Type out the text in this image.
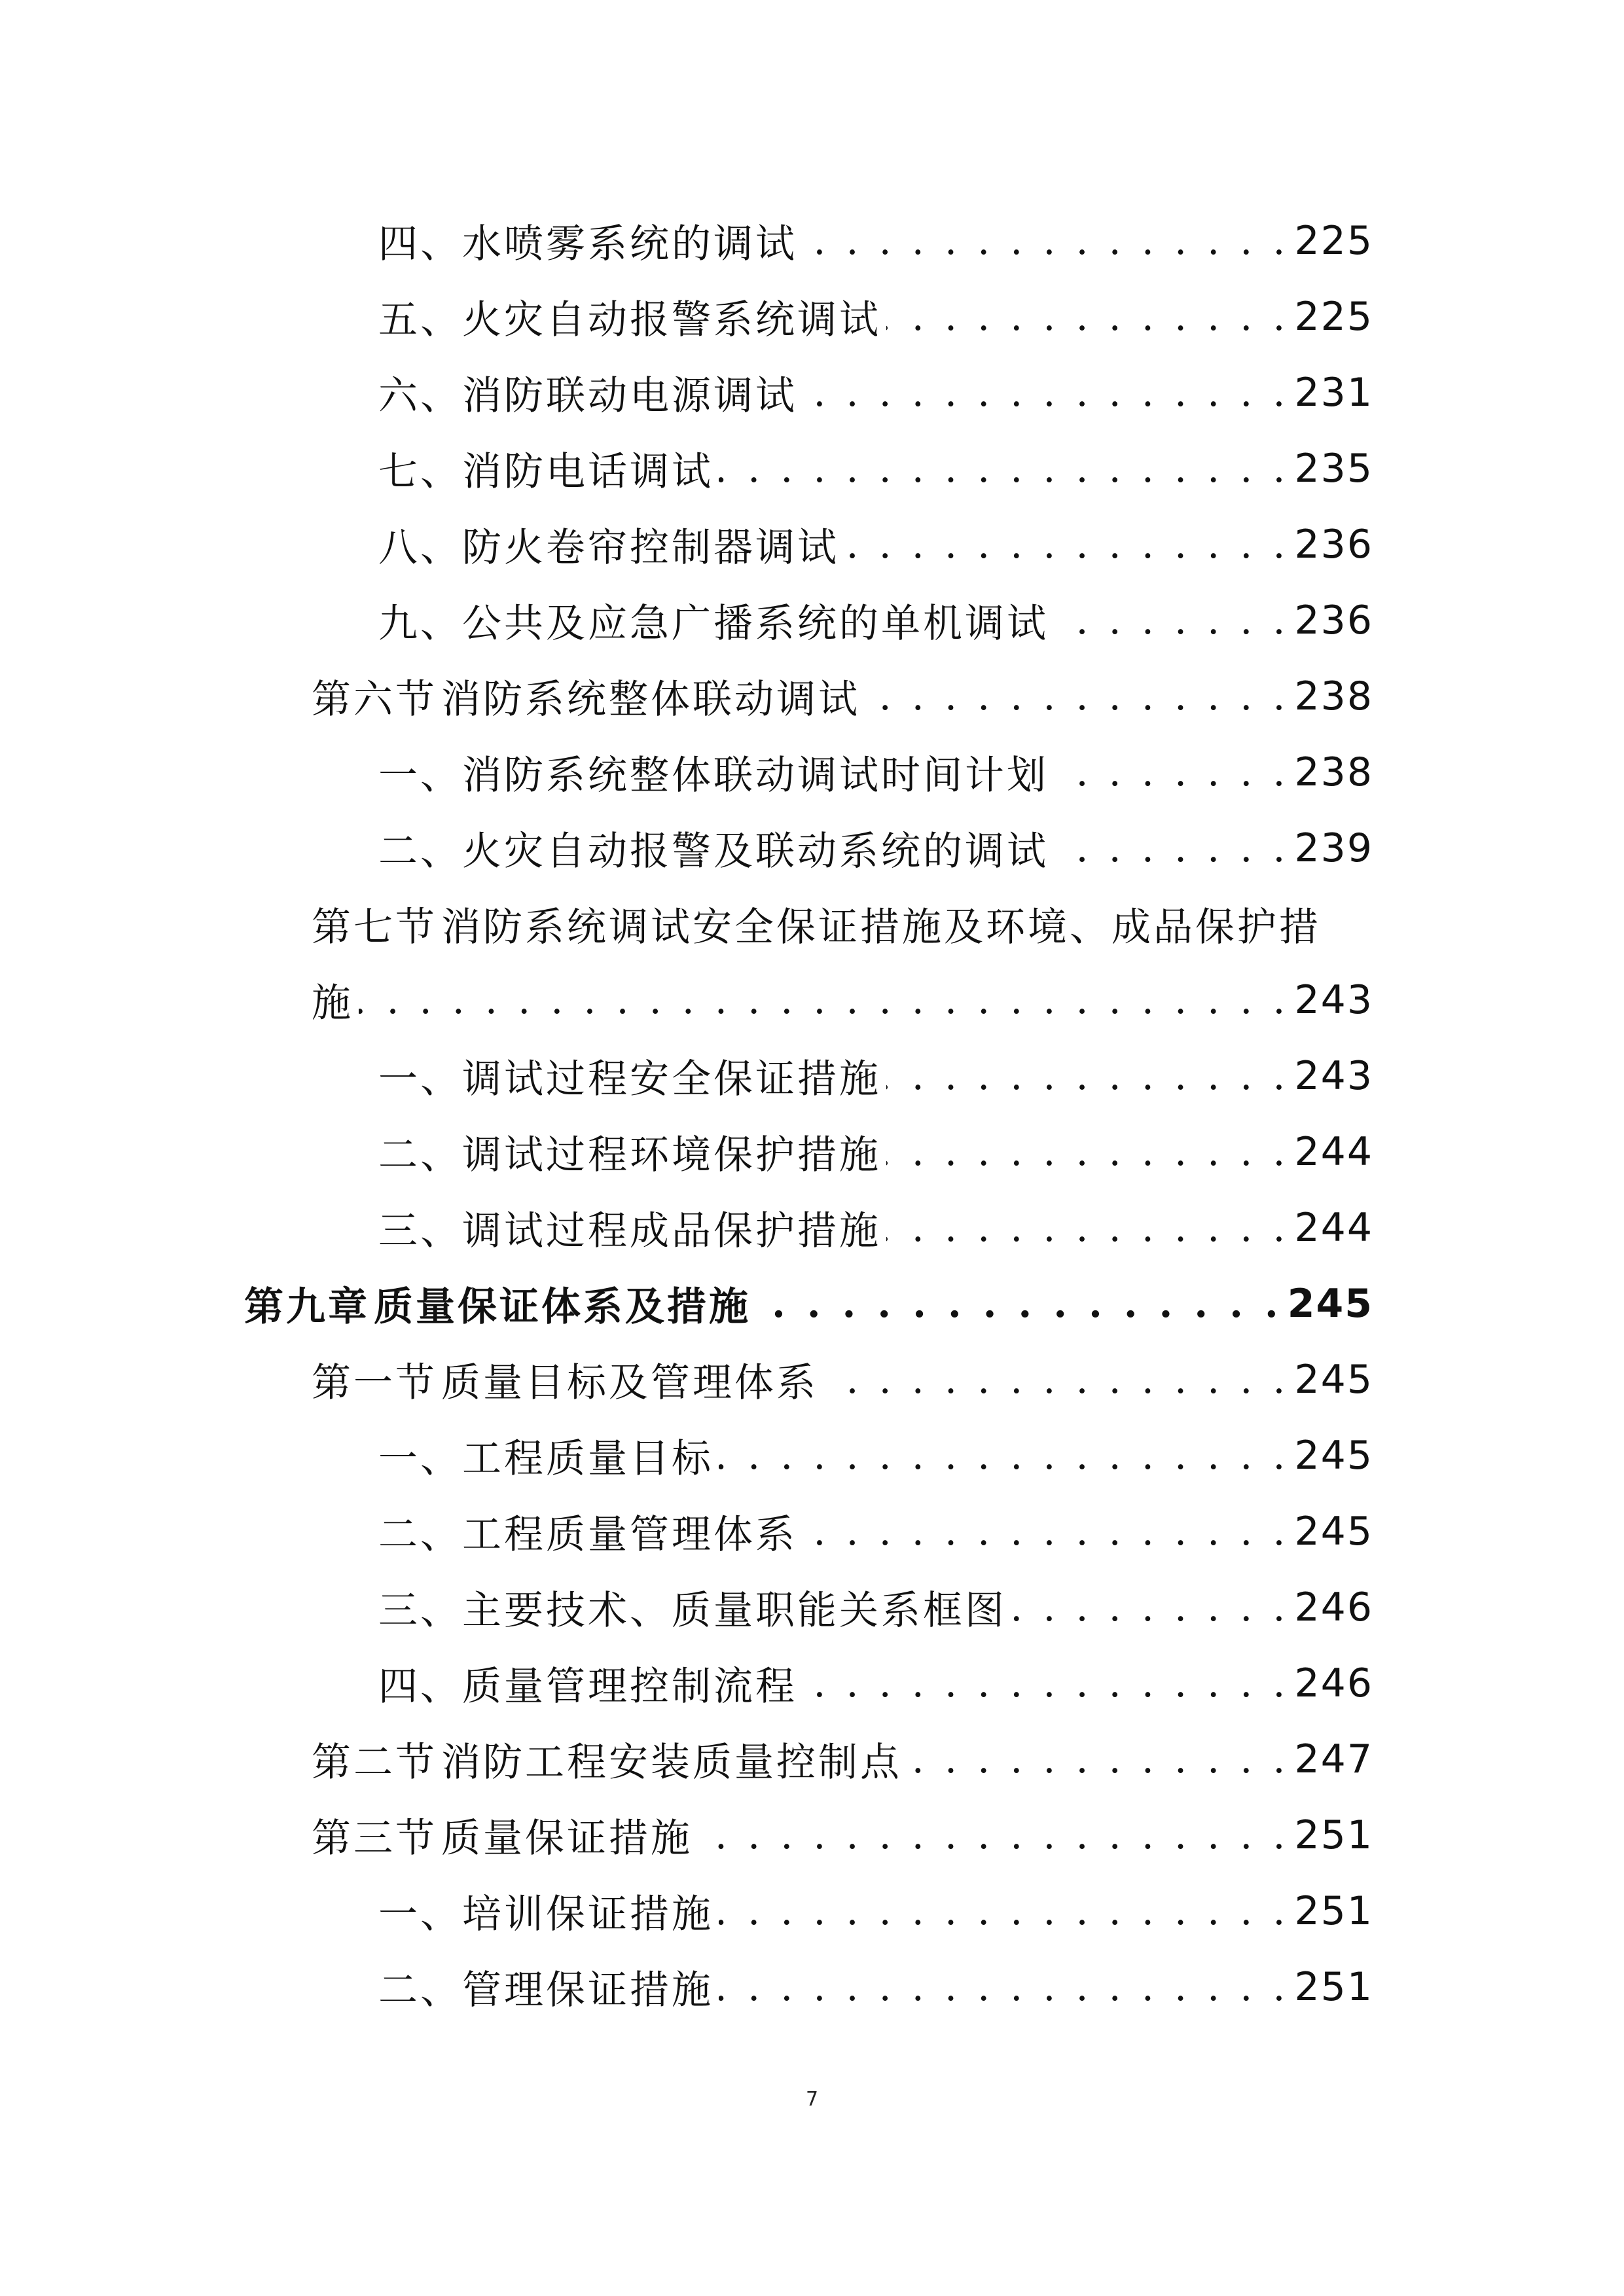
四、 水喷雾系统的调试 . . .	225
五、 火灾自动报警系统调试 . . .	225
六、 消防联动电源调试 . . .	231
七、 消防电话调试 . . .	235
八、 防火卷帘控制器调试 . . .	236
九、 公共及应急广播系统的单机调试 . . .	236
第六节 消防系统整体联动调试 . . .	238
一、 消防系统整体联动调试时间计划 . . .	238
二、 火灾自动报警及联动系统的调试 . . .	239
第七节 消防系统调试安全保证措施及环境、成品保护措
施 . . .	243
一、 调试过程安全保证措施 . . .	243
二、 调试过程环境保护措施 . . .	244
三、 调试过程成品保护措施 . . .	244
第九章 质量保证体系及措施 . . .	245
第一节 质量目标及管理体系 . . .	245
一、 工程质量目标 . . .	245
二、 工程质量管理体系 . . .	245
三、 主要技术、质量职能关系框图 . . .	246
四、 质量管理控制流程 . . .	246
第二节 消防工程安装质量控制点 . . .	247
第三节 质量保证措施 . . .	251
一、 培训保证措施 . . .	251
二、 管理保证措施 . . .	251
7
